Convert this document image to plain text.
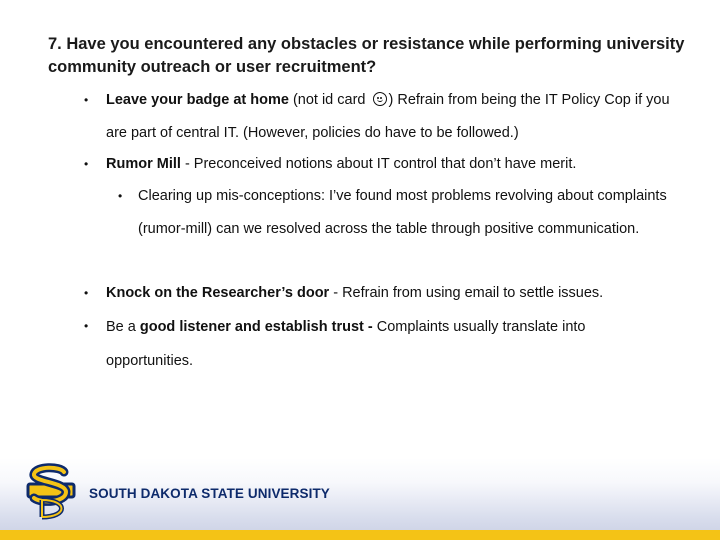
7. Have you encountered any obstacles or resistance while performing university community outreach or user recruitment?
• Leave your badge at home (not id card
) Refrain from being the IT Policy Cop if you are part of central IT. (However, policies do have to be followed.)
• Rumor Mill - Preconceived notions about IT control that don’t have merit.
• Clearing up mis-conceptions: I’ve found most problems revolving about complaints (rumor-mill) can we resolved across the table through positive communication.
• Knock on the Researcher’s door - Refrain from using email to settle issues.
• Be a good listener and establish trust - Complaints usually translate into opportunities.
SOUTH DAKOTA STATE UNIVERSITY
